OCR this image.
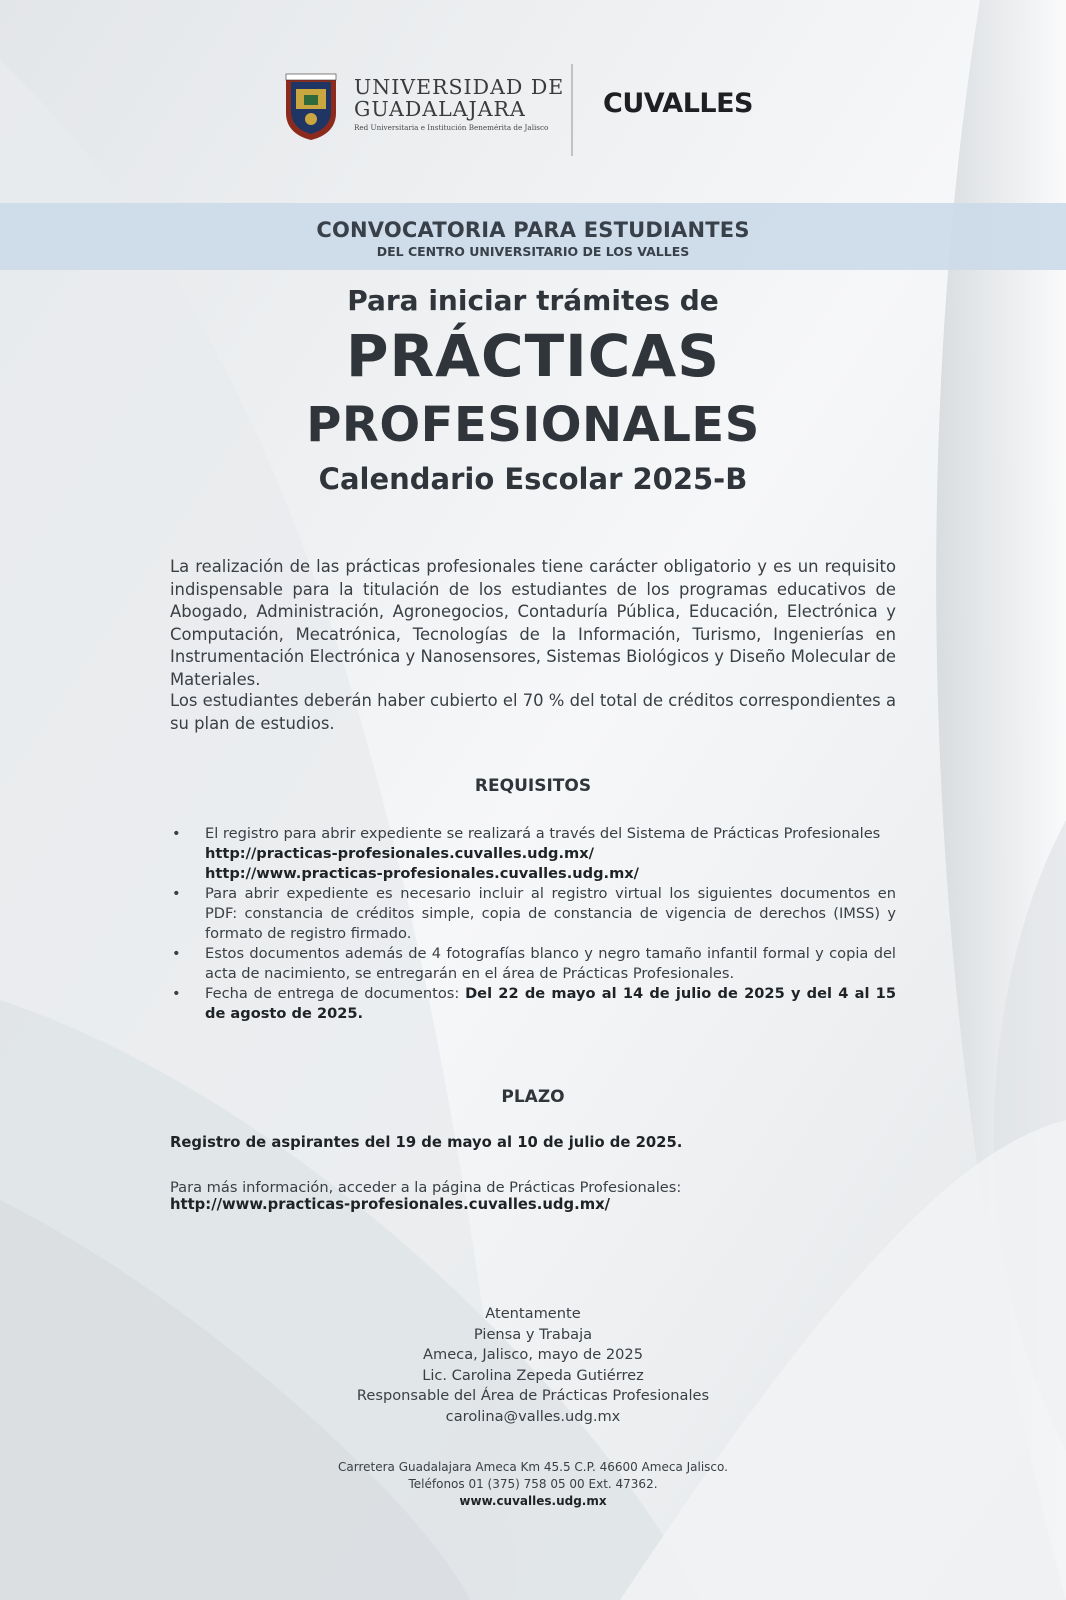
UNIVERSIDAD DE
GUADALAJARA
Red Universitaria e Institución Benemérita de Jalisco
CUVALLES
CONVOCATORIA PARA ESTUDIANTES
DEL CENTRO UNIVERSITARIO DE LOS VALLES
Para iniciar trámites de
PRÁCTICAS
PROFESIONALES
Calendario Escolar 2025-B
La realización de las prácticas profesionales tiene carácter obligatorio y es un requisito indispensable para la titulación de los estudiantes de los programas educativos de Abogado, Administración, Agronegocios, Contaduría Pública, Educación, Electrónica y Computación, Mecatrónica, Tecnologías de la Información, Turismo, Ingenierías en Instrumentación Electrónica y Nanosensores, Sistemas Biológicos y Diseño Molecular de Materiales.
Los estudiantes deberán haber cubierto el 70 % del total de créditos correspondientes a su plan de estudios.
REQUISITOS
• El registro para abrir expediente se realizará a través del Sistema de Prácticas Profesionales
http://practicas-profesionales.cuvalles.udg.mx/
http://www.practicas-profesionales.cuvalles.udg.mx/
• Para abrir expediente es necesario incluir al registro virtual los siguientes documentos en PDF: constancia de créditos simple, copia de constancia de vigencia de derechos (IMSS) y formato de registro firmado.
• Estos documentos además de 4 fotografías blanco y negro tamaño infantil formal y copia del acta de nacimiento, se entregarán en el área de Prácticas Profesionales.
• Fecha de entrega de documentos: Del 22 de mayo al 14 de julio de 2025 y del 4 al 15 de agosto de 2025.
PLAZO
Registro de aspirantes del 19 de mayo al 10 de julio de 2025.
Para más información, acceder a la página de Prácticas Profesionales:
http://www.practicas-profesionales.cuvalles.udg.mx/
Atentamente
Piensa y Trabaja
Ameca, Jalisco, mayo de 2025
Lic. Carolina Zepeda Gutiérrez
Responsable del Área de Prácticas Profesionales
carolina@valles.udg.mx
Carretera Guadalajara Ameca Km 45.5 C.P. 46600 Ameca Jalisco.
Teléfonos 01 (375) 758 05 00 Ext. 47362.
www.cuvalles.udg.mx
